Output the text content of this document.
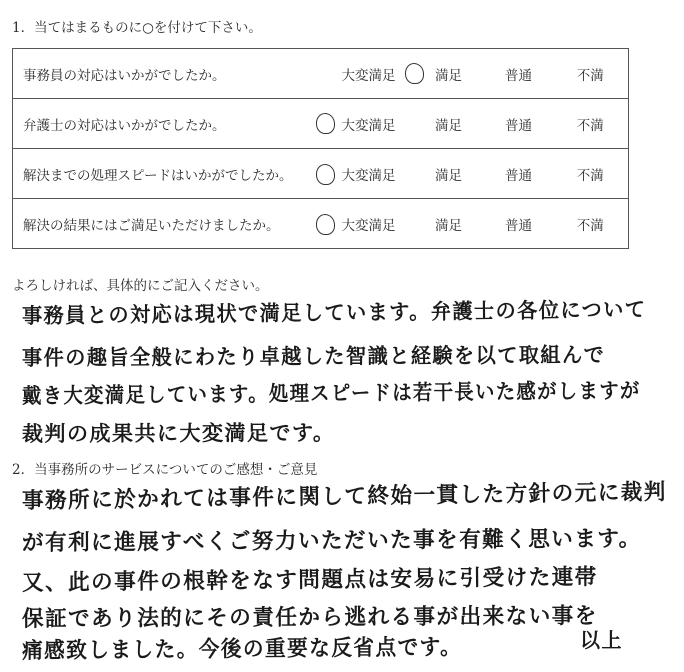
1．当てはまるものに○を付けて下さい。
事務員の対応はいかがでしたか。	大変満足	満足	普通	不満
弁護士の対応はいかがでしたか。	大変満足	満足	普通	不満
解決までの処理スピードはいかがでしたか。	大変満足	満足	普通	不満
解決の結果にはご満足いただけましたか。	大変満足	満足	普通	不満
よろしければ、具体的にご記入ください。
事務員との対応は現状で満足しています。弁護士の各位について
事件の趣旨全般にわたり卓越した智識と経験を以て取組んで
戴き大変満足しています。処理スピードは若干長いた感がしますが
裁判の成果共に大変満足です。
2．当事務所のサービスについてのご感想・ご意見
事務所に於かれては事件に関して終始一貫した方針の元に裁判
が有利に進展すべくご努力いただいた事を有難く思います。
又、此の事件の根幹をなす問題点は安易に引受けた連帯
保証であり法的にその責任から逃れる事が出来ない事を
痛感致しました。今後の重要な反省点です。	以上
